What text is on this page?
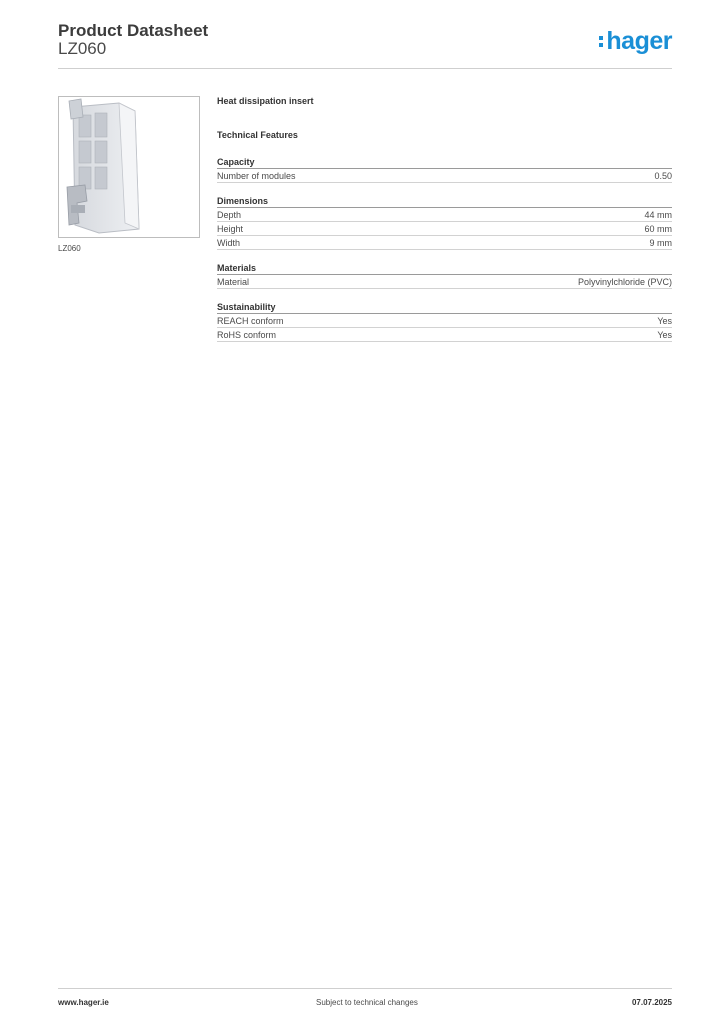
Product Datasheet
LZ060	hager
LZ060
Heat dissipation insert
Technical Features
Capacity
Number of modules	0.50
Dimensions
Depth	44 mm
Height	60 mm
Width	9 mm
Materials
Material	Polyvinylchloride (PVC)
Sustainability
REACH conform	Yes
RoHS conform	Yes
www.hager.ie	Subject to technical changes	07.07.2025
